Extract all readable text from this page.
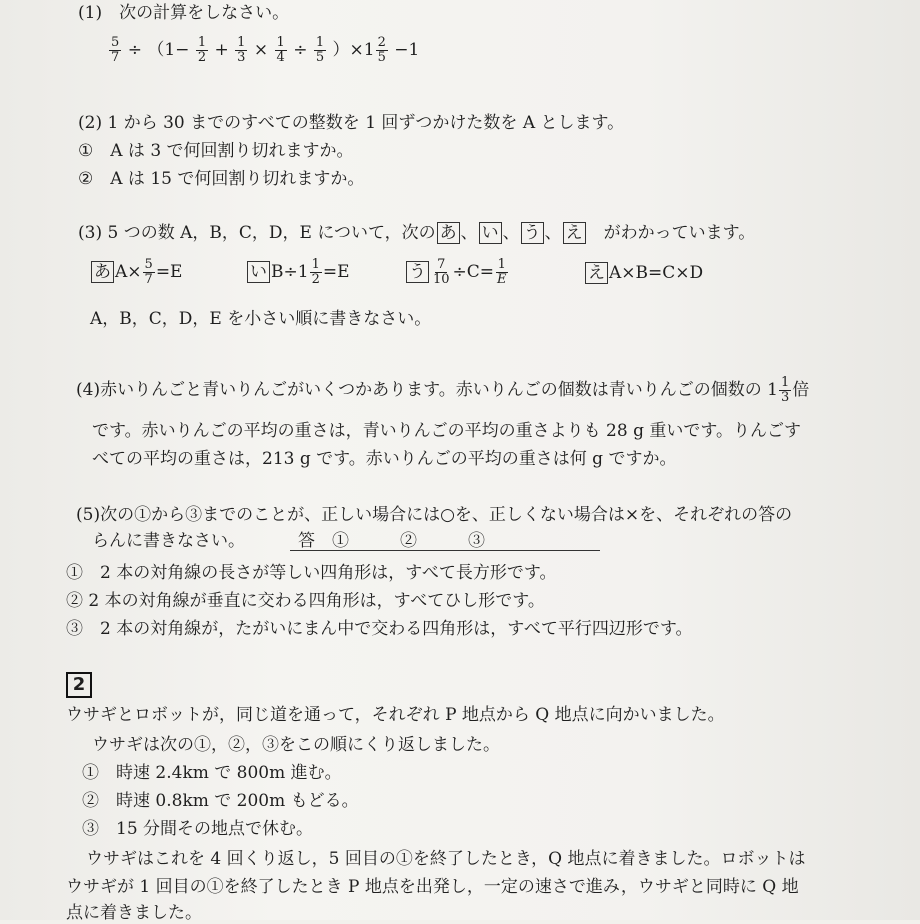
(1)　 次の計算をしなさい。
$\frac{5}{7} \div (1- \frac{1}{2} + \frac{1}{3} \times \frac{1}{4} \div \frac{1}{5} )\times 1 \frac{2}{5} -1$
(2) 1 から 30 までのすべての整数を 1 回ずつかけた数を A とします。
①　A は 3 で何回割り切れますか。
②　A は 15 で何回割り切れますか。
(3) 5 つの数 A，B，C，D，E について，次の あ 、 い 、 う 、 え　 がわかっています。
あ $A\times \frac{5}{7} =E$	い $B\div 1 \frac{1}{2} =E$	う $\frac{7}{10} \div C= \frac{1}{E}$	え A×B=C×D
A，B，C，D，E を小さい順に書きなさい。
(4)赤いりんごと青いりんごがいくつかあります。赤いりんごの個数は青いりんごの個数の $1 \frac{1}{3}$ 倍
です。赤いりんごの平均の重さは，青いりんごの平均の重さよりも 28 g 重いです。りんごす
べての平均の重さは，213 g です。赤いりんごの平均の重さは何 g ですか。
(5)次の①から③までのことが、正しい場合には○を、正しくない場合は×を、それぞれの答の
らんに書きなさい。	答　①　　　②　　　③
①　2 本の対角線の長さが等しい四角形は，すべて長方形です。
② 2 本の対角線が垂直に交わる四角形は，すべてひし形です。
③　2 本の対角線が，たがいにまん中で交わる四角形は，すべて平行四辺形です。
2
ウサギとロボットが，同じ道を通って，それぞれ P 地点から Q 地点に向かいました。
ウサギは次の①，②，③をこの順にくり返しました。
①　時速 2.4km で 800m 進む。
②　時速 0.8km で 200m もどる。
③　15 分間その地点で休む。
ウサギはこれを 4 回くり返し，5 回目の①を終了したとき，Q 地点に着きました。ロボットは
ウサギが 1 回目の①を終了したとき P 地点を出発し，一定の速さで進み，ウサギと同時に Q 地
点に着きました。
